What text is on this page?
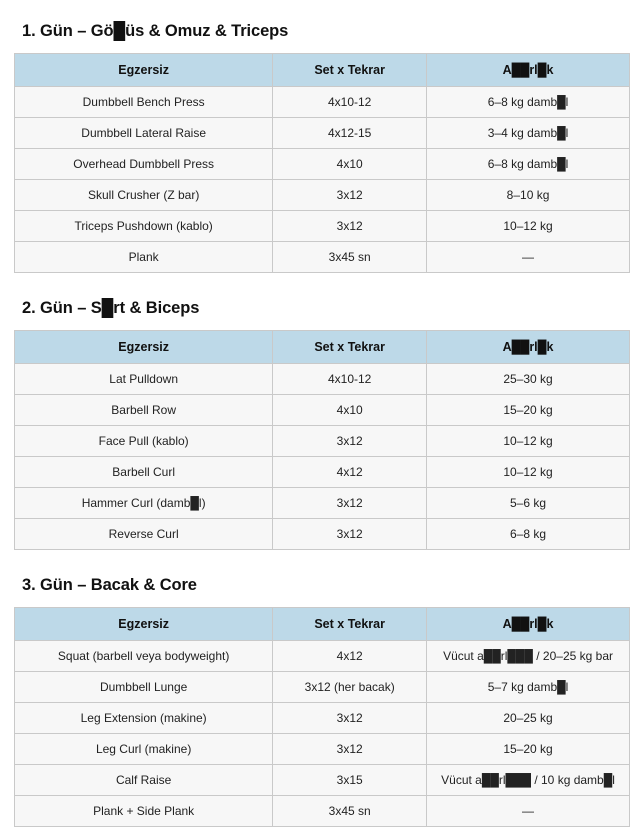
1. Gün – Gö█üs & Omuz & Triceps
Egzersiz	Set x Tekrar	A██rl█k
Dumbbell Bench Press	4x10-12	6–8 kg damb█l
Dumbbell Lateral Raise	4x12-15	3–4 kg damb█l
Overhead Dumbbell Press	4x10	6–8 kg damb█l
Skull Crusher (Z bar)	3x12	8–10 kg
Triceps Pushdown (kablo)	3x12	10–12 kg
Plank	3x45 sn	—
2. Gün – S█rt & Biceps
Egzersiz	Set x Tekrar	A██rl█k
Lat Pulldown	4x10-12	25–30 kg
Barbell Row	4x10	15–20 kg
Face Pull (kablo)	3x12	10–12 kg
Barbell Curl	4x12	10–12 kg
Hammer Curl (damb█l)	3x12	5–6 kg
Reverse Curl	3x12	6–8 kg
3. Gün – Bacak & Core
Egzersiz	Set x Tekrar	A██rl█k
Squat (barbell veya bodyweight)	4x12	Vücut a██rl███ / 20–25 kg bar
Dumbbell Lunge	3x12 (her bacak)	5–7 kg damb█l
Leg Extension (makine)	3x12	20–25 kg
Leg Curl (makine)	3x12	15–20 kg
Calf Raise	3x15	Vücut a██rl███ / 10 kg damb█l
Plank + Side Plank	3x45 sn	—
